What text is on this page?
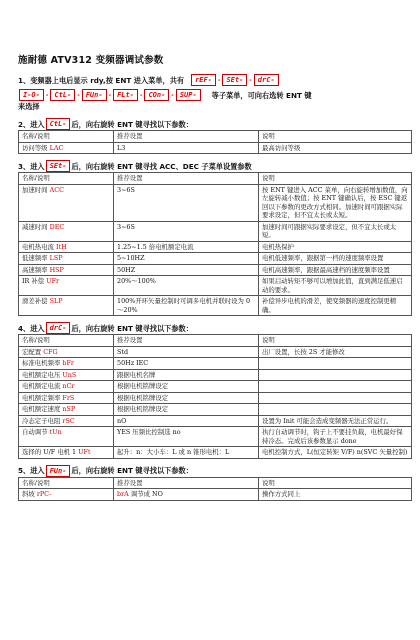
施耐德 ATV312 变频器调试参数
1、变频器上电后显示 rdy,按 ENT 进入菜单，共有	rEF-	- SEt-	- drC-
I-O-	- CtL-	- FUn-	- FLt-	- COn-	- SUP-	等子菜单，可向右选转 ENT 键
来选择
2、进入 CtL- 后，向右旋转 ENT 键寻找以下参数：
名称/说明	推荐设置	说明
访问等级 LAC	L3	最高访问等级
3、进入 SEt- 后，向右旋转 ENT 键寻找 ACC、DEC 子菜单设置参数
名称/说明	推荐设置	说明
加速时间 ACC	3~6S	按 ENT 键进入 ACC 菜单，向右旋转增加数值，向左旋转减小数值；按 ENT 键确认后，按 ESC 键返回以下参数的更改方式相同。加速时间可跟据实际要求设定，但不宜太长或太短。
减速时间 DEC	3~6S	加速时间可跟据实际要求设定，但不宜太长或太短。
电机热电流 ItH	1.25~1.5 倍电机额定电流	电机热保护
低速频率 LSP	5~10HZ	电机低速频率，跟据第一档的速度频率设置
高速频率 HSP	50HZ	电机高速频率，跟据最高速档的速度频率设置
IR 补偿 UFr	20%～100%	如果启动转矩不够可以增加此值，直到满足低速启动的要求。
滑差补偿 SLP	100%开环矢量控制时可调多电机并联时设为 0～20%	补偿异步电机的滑差，使变频器的速度控制更精确。
4、进入 drC- 后，向右旋转 ENT 键寻找以下参数：
名称/说明	推荐设置	说明
宏配置 CFG	Std	出厂设置，长按 2S 才能修改
标准电机频率 bFr	50Hz IEC	
电机额定电压 UnS	跟据电机名牌	
电机额定电流 nCr	根据电机铭牌设定	
电机额定频率 FrS	根据电机铭牌设定	
电机额定速度 nSP	根据电机铭牌设定	
冷态定子电阻 rSC	nO	设置为 Init 可能会造成变频器无法正常运行。
自动调节 tUn	YES 压频比控制选 no	执行自动调节时，钩子上不要挂负载，电机最好保持冷态。完成后该参数显示 done
选择的 U/F 电机 1 UFt	起升：n：大小车：L 或 n 锥形电机：L	电机控制方式，L(恒定转矩 V/F) n(SVC 矢量控制)
5、进入 FUn- 后，向右旋转 ENT 键寻找以下参数：
名称/说明	推荐设置	说明
斜坡 rPC-	brA 调节成 NO	操作方式同上
